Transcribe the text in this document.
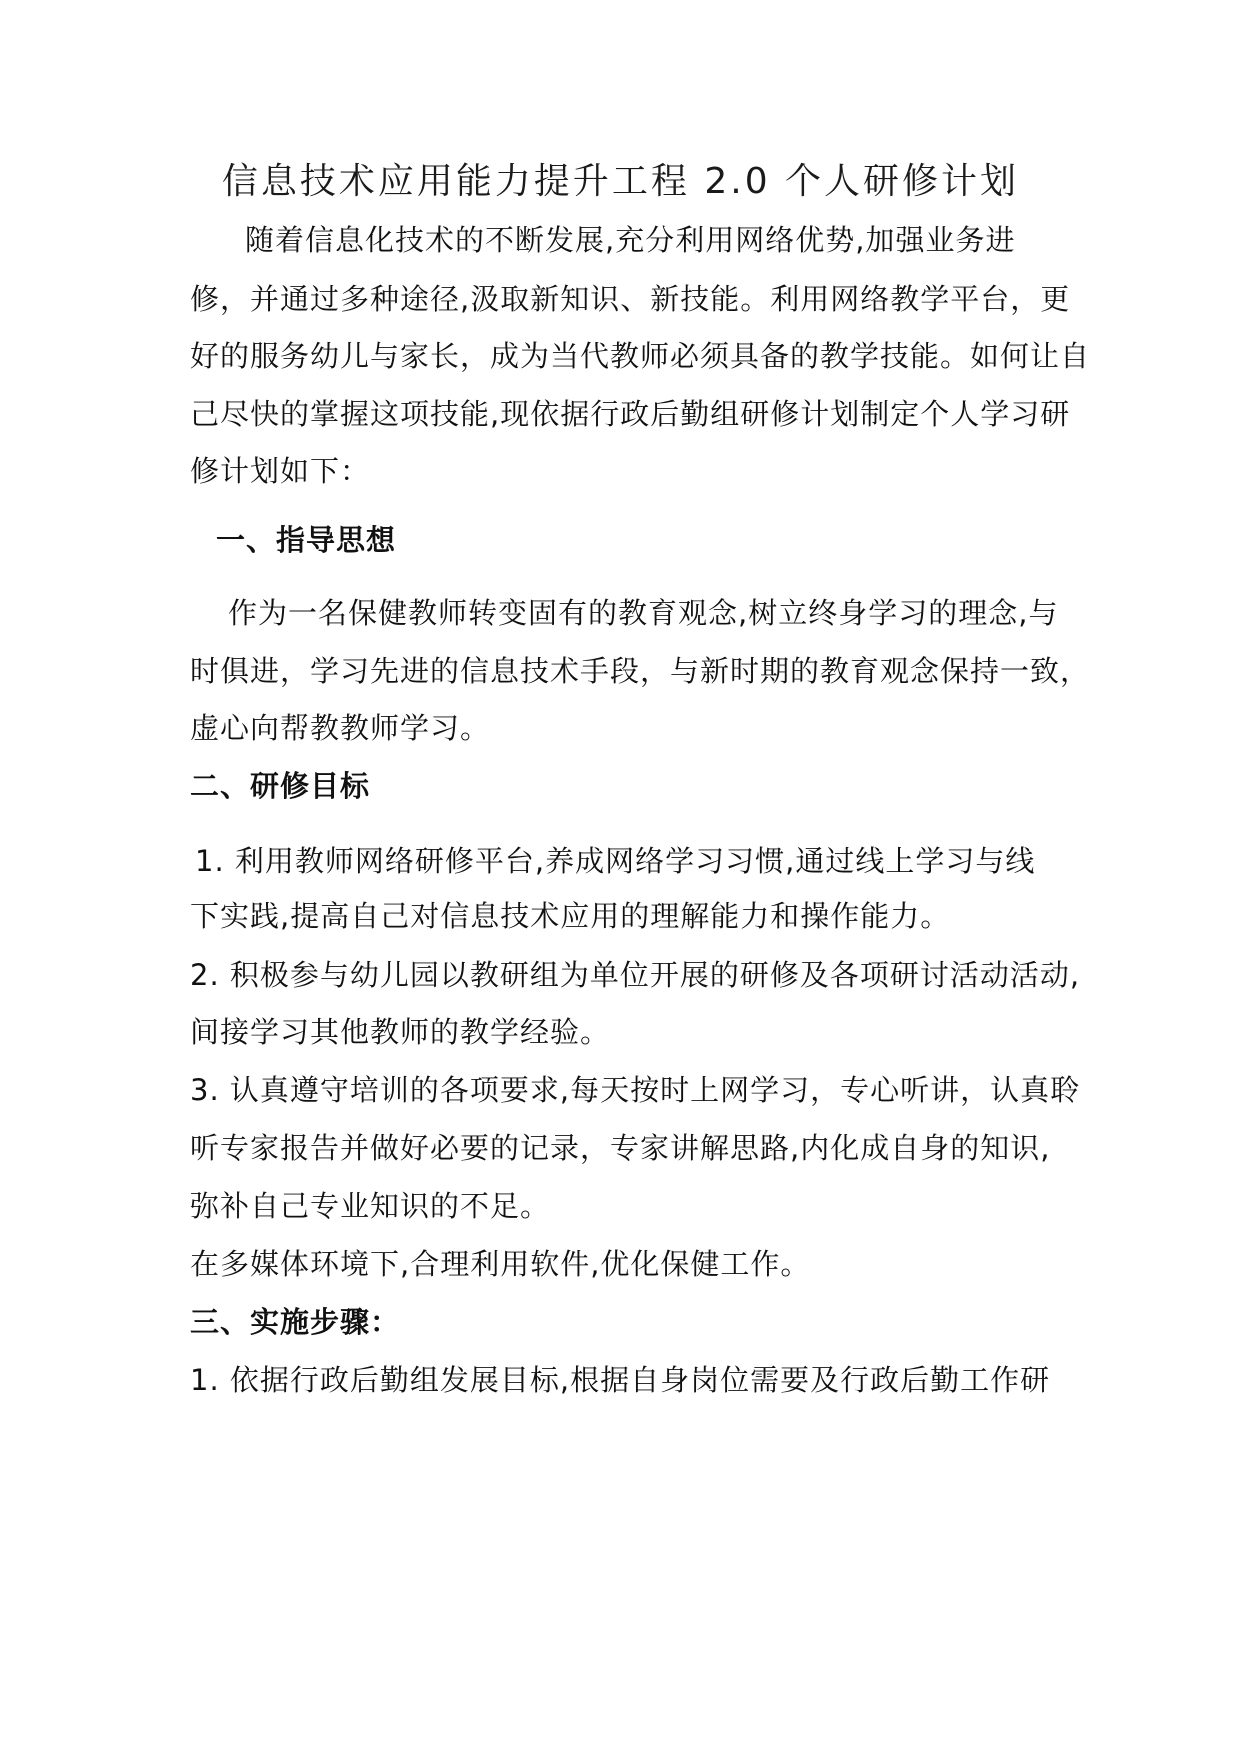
信息技术应用能力提升工程 2.0 个人研修计划
随着信息化技术的不断发展,充分利用网络优势,加强业务进
修，并通过多种途径,汲取新知识、新技能。利用网络教学平台，更
好的服务幼儿与家长，成为当代教师必须具备的教学技能。如何让自
己尽快的掌握这项技能,现依据行政后勤组研修计划制定个人学习研
修计划如下：
一、指导思想
作为一名保健教师转变固有的教育观念,树立终身学习的理念,与
时俱进，学习先进的信息技术手段，与新时期的教育观念保持一致，
虚心向帮教教师学习。
二、研修目标
1. 利用教师网络研修平台,养成网络学习习惯,通过线上学习与线
下实践,提高自己对信息技术应用的理解能力和操作能力。
2. 积极参与幼儿园以教研组为单位开展的研修及各项研讨活动活动,
间接学习其他教师的教学经验。
3. 认真遵守培训的各项要求,每天按时上网学习，专心听讲，认真聆
听专家报告并做好必要的记录，专家讲解思路,内化成自身的知识,
弥补自己专业知识的不足。
在多媒体环境下,合理利用软件,优化保健工作。
三、实施步骤：
1. 依据行政后勤组发展目标,根据自身岗位需要及行政后勤工作研
